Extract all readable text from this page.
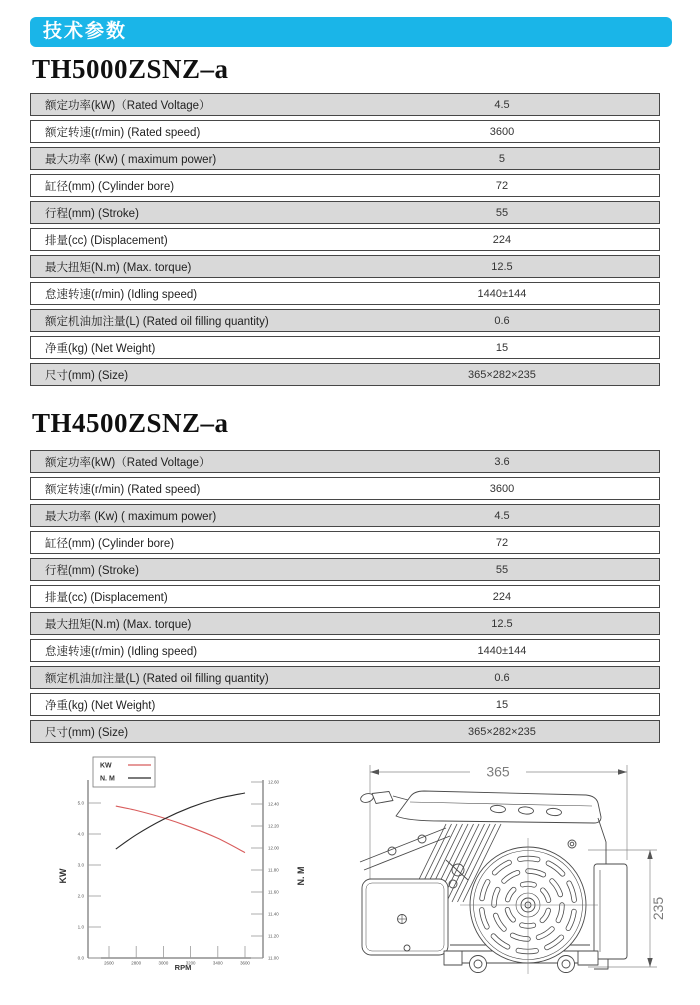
技术参数
TH5000ZSNZ–a
额定功率(kW)（Rated Voltage）	4.5
额定转速(r/min) (Rated speed)	3600
最大功率 (Kw) ( maximum power)	5
缸径(mm) (Cylinder bore)	72
行程(mm) (Stroke)	55
排量(cc) (Displacement)	224
最大扭矩(N.m) (Max. torque)	12.5
怠速转速(r/min) (Idling speed)	1440±144
额定机油加注量(L) (Rated oil filling quantity)	0.6
净重(kg) (Net Weight)	15
尺寸(mm) (Size)	365×282×235
TH4500ZSNZ–a
额定功率(kW)（Rated Voltage）	3.6
额定转速(r/min) (Rated speed)	3600
最大功率 (Kw) ( maximum power)	4.5
缸径(mm) (Cylinder bore)	72
行程(mm) (Stroke)	55
排量(cc) (Displacement)	224
最大扭矩(N.m) (Max. torque)	12.5
怠速转速(r/min) (Idling speed)	1440±144
额定机油加注量(L) (Rated oil filling quantity)	0.6
净重(kg) (Net Weight)	15
尺寸(mm) (Size)	365×282×235
0.0
1.0
2.0
3.0
4.0
5.0
11.00
11.20
11.40
11.60
11.80
12.00
12.20
12.40
12.60
2600	2800	3000	3200	3400	3600
KW	N. M
RPM
KW
N. M	365
235
